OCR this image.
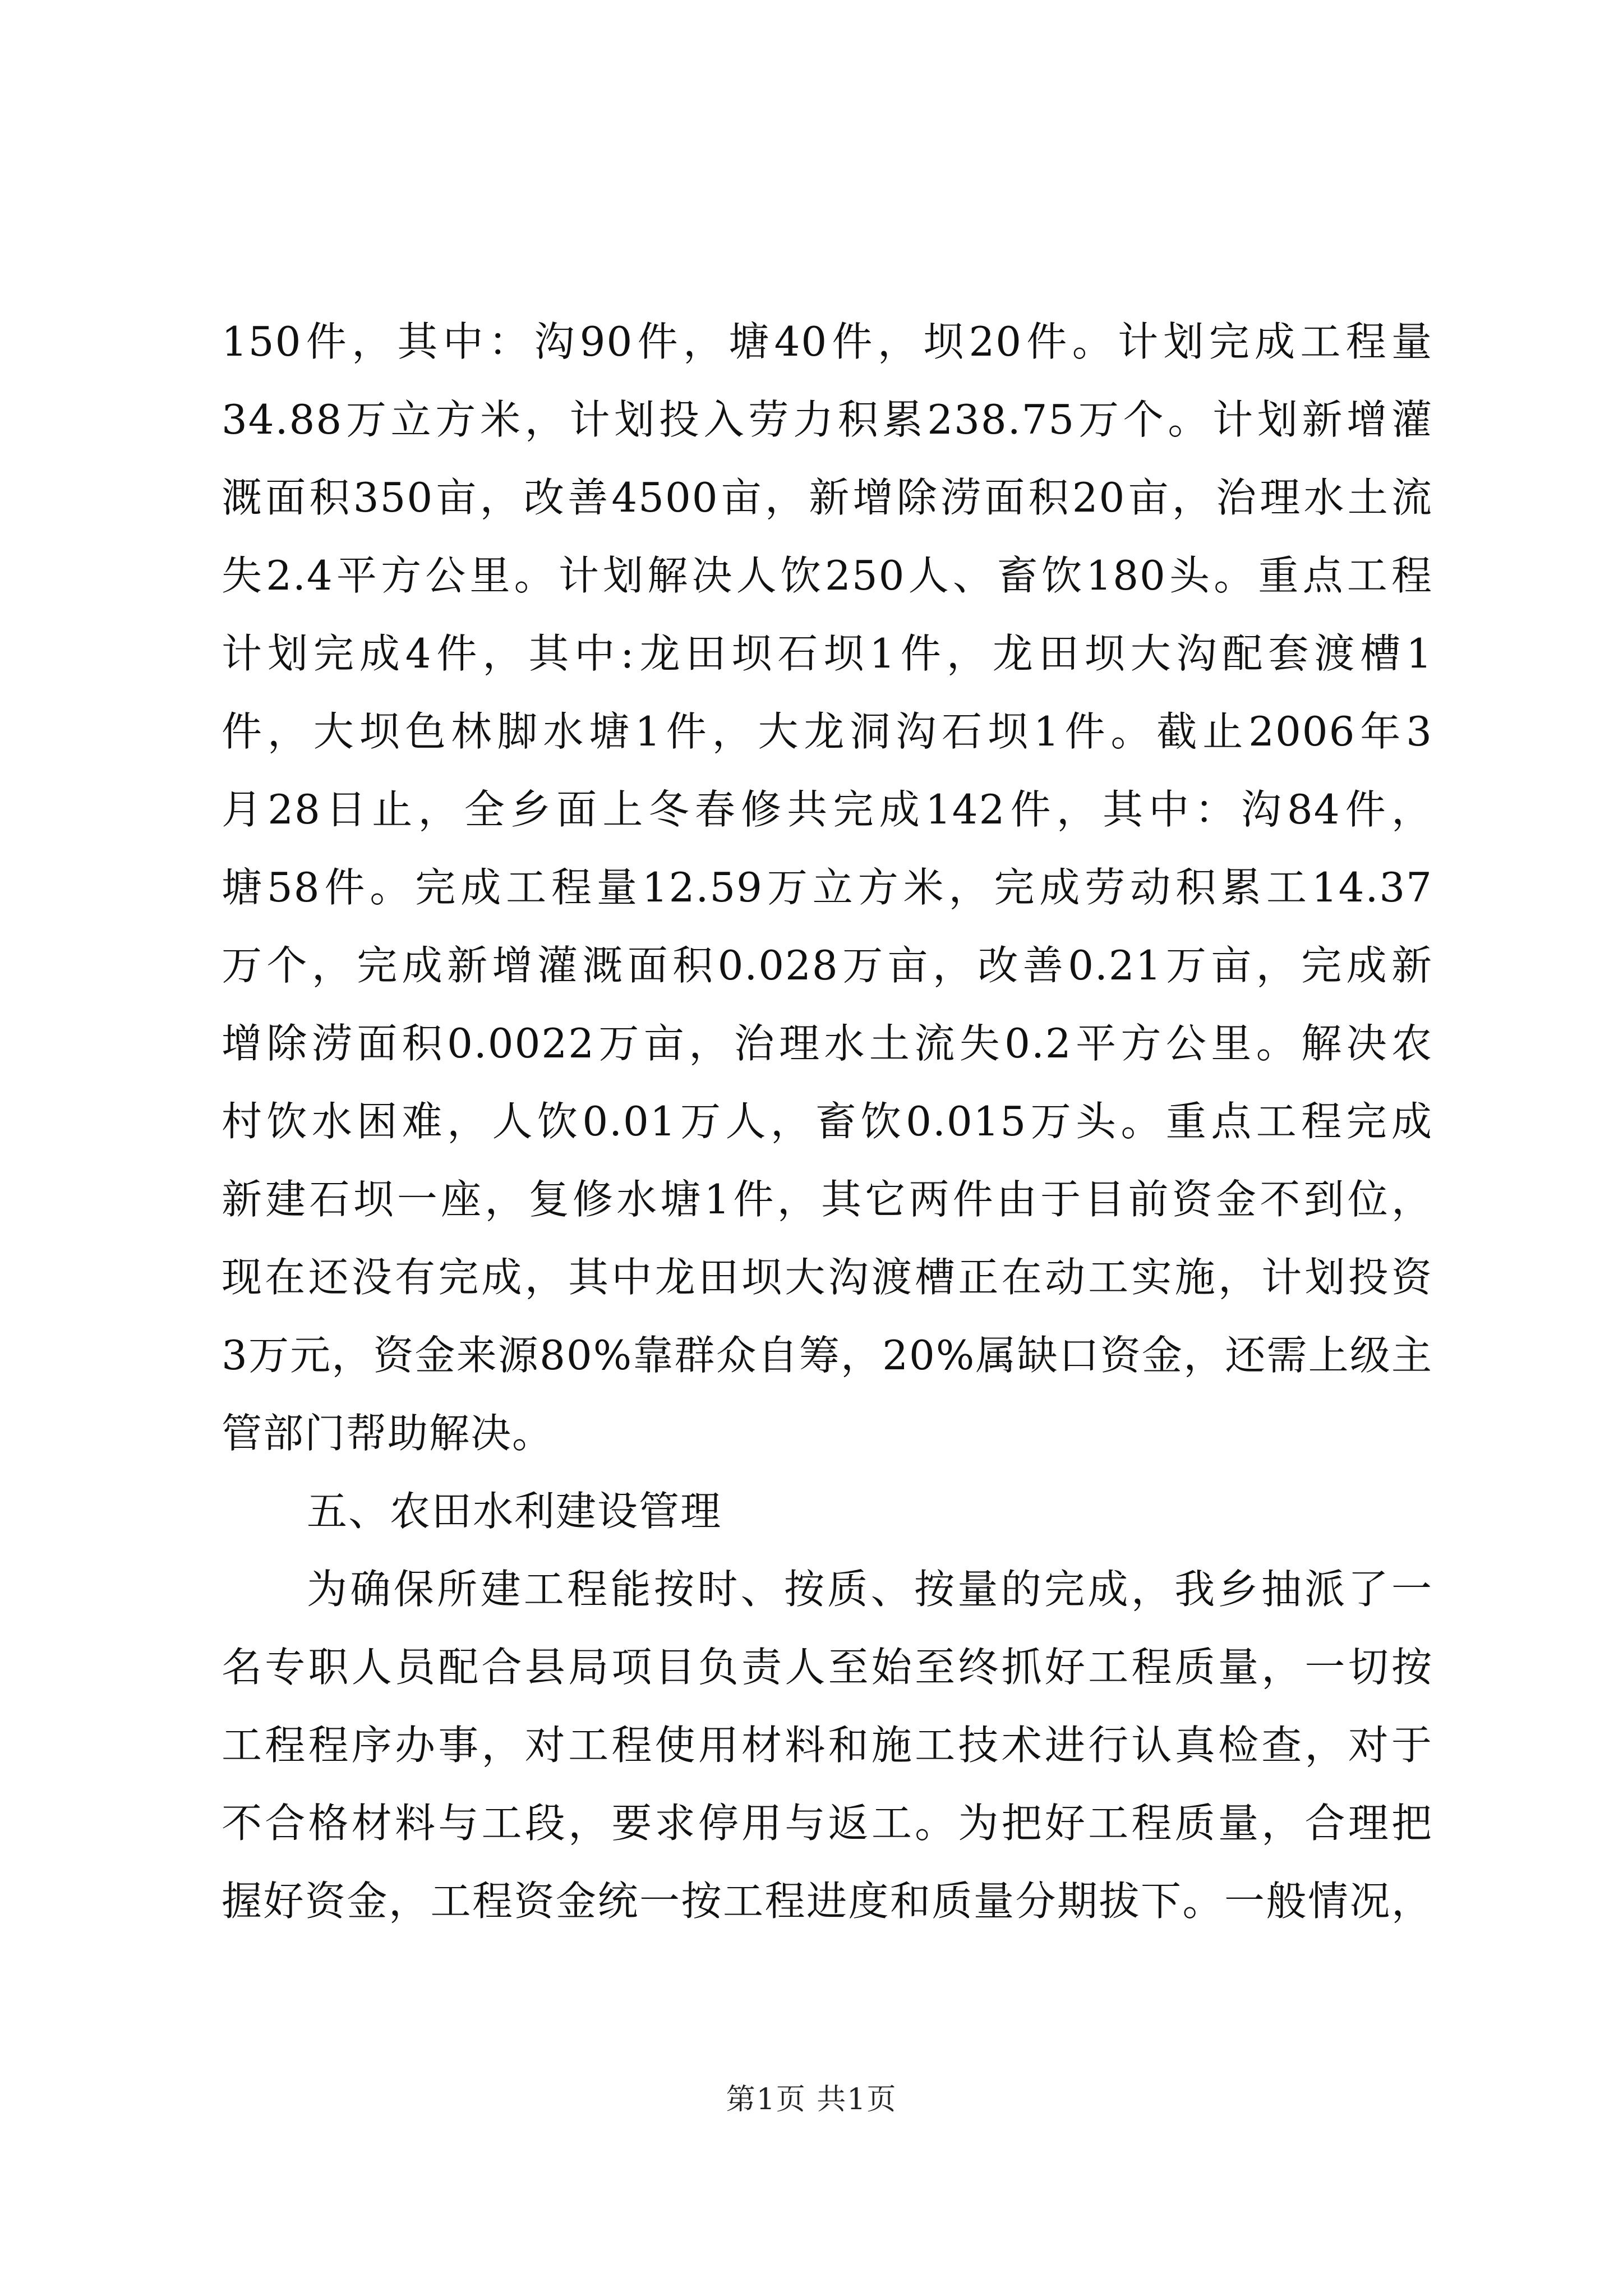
150件，其中：沟90件，塘40件，坝20件。计划完成工程量
34.88万立方米，计划投入劳力积累238.75万个。计划新增灌
溉面积350亩，改善4500亩，新增除涝面积20亩，治理水土流
失2.4平方公里。计划解决人饮250人、畜饮180头。重点工程
计划完成4件，其中:龙田坝石坝1件，龙田坝大沟配套渡槽1
件，大坝色林脚水塘1件，大龙洞沟石坝1件。截止2006年3
月28日止，全乡面上冬春修共完成142件，其中：沟84件，
塘58件。完成工程量12.59万立方米，完成劳动积累工14.37
万个，完成新增灌溉面积0.028万亩，改善0.21万亩，完成新
增除涝面积0.0022万亩，治理水土流失0.2平方公里。解决农
村饮水困难，人饮0.01万人，畜饮0.015万头。重点工程完成
新建石坝一座，复修水塘1件，其它两件由于目前资金不到位，
现在还没有完成，其中龙田坝大沟渡槽正在动工实施，计划投资
3万元，资金来源80%靠群众自筹，20%属缺口资金，还需上级主
管部门帮助解决。
五、农田水利建设管理
为确保所建工程能按时、按质、按量的完成，我乡抽派了一
名专职人员配合县局项目负责人至始至终抓好工程质量，一切按
工程程序办事，对工程使用材料和施工技术进行认真检查，对于
不合格材料与工段，要求停用与返工。为把好工程质量，合理把
握好资金，工程资金统一按工程进度和质量分期拔下。一般情况，
第1页 共1页
